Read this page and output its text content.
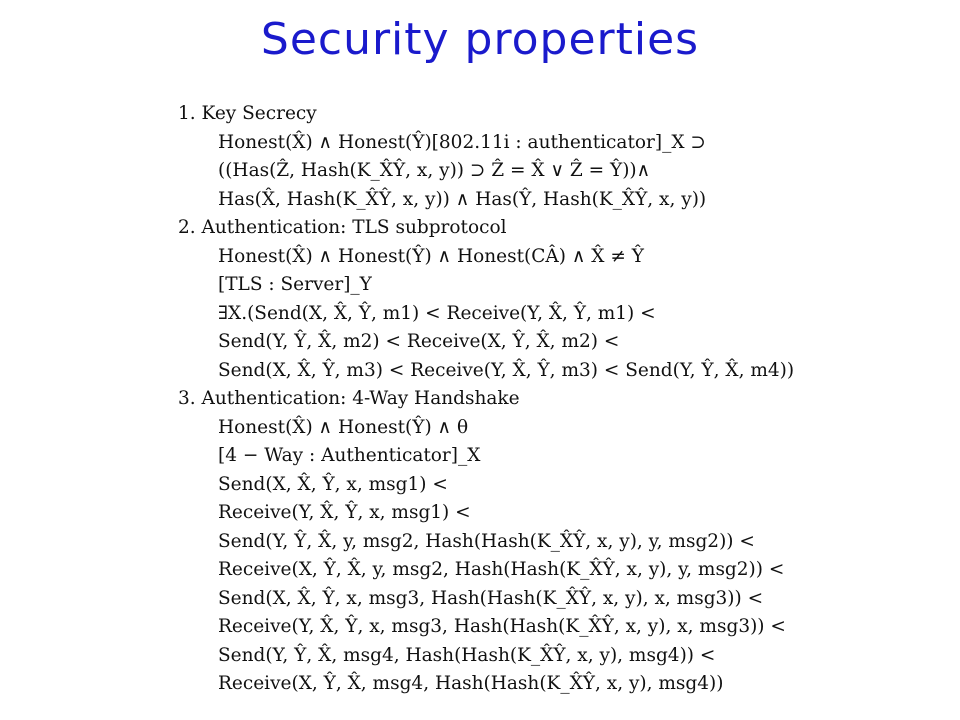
Security properties
1. Key Secrecy
Honest(X̂) ∧ Honest(Ŷ)[802.11i : authenticator]_X ⊃
((Has(Ẑ, Hash(K_X̂Ŷ, x, y)) ⊃ Ẑ = X̂ ∨ Ẑ = Ŷ))∧
Has(X̂, Hash(K_X̂Ŷ, x, y)) ∧ Has(Ŷ, Hash(K_X̂Ŷ, x, y))
2. Authentication: TLS subprotocol
Honest(X̂) ∧ Honest(Ŷ) ∧ Honest(CÂ) ∧ X̂ ≠ Ŷ
[TLS : Server]_Y
∃X.(Send(X, X̂, Ŷ, m1) < Receive(Y, X̂, Ŷ, m1) <
Send(Y, Ŷ, X̂, m2) < Receive(X, Ŷ, X̂, m2) <
Send(X, X̂, Ŷ, m3) < Receive(Y, X̂, Ŷ, m3) < Send(Y, Ŷ, X̂, m4))
3. Authentication: 4-Way Handshake
Honest(X̂) ∧ Honest(Ŷ) ∧ θ
[4 − Way : Authenticator]_X
Send(X, X̂, Ŷ, x, msg1) <
Receive(Y, X̂, Ŷ, x, msg1) <
Send(Y, Ŷ, X̂, y, msg2, Hash(Hash(K_X̂Ŷ, x, y), y, msg2)) <
Receive(X, Ŷ, X̂, y, msg2, Hash(Hash(K_X̂Ŷ, x, y), y, msg2)) <
Send(X, X̂, Ŷ, x, msg3, Hash(Hash(K_X̂Ŷ, x, y), x, msg3)) <
Receive(Y, X̂, Ŷ, x, msg3, Hash(Hash(K_X̂Ŷ, x, y), x, msg3)) <
Send(Y, Ŷ, X̂, msg4, Hash(Hash(K_X̂Ŷ, x, y), msg4)) <
Receive(X, Ŷ, X̂, msg4, Hash(Hash(K_X̂Ŷ, x, y), msg4))
